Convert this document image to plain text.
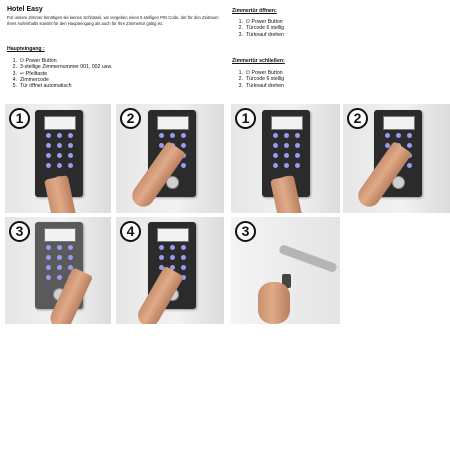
Hotel Easy
Für unsere Zimmer benötigen sie keinen Schlüssel, wir vergeben einen 6 stelligen PIN Code, der für den Zeitraum Ihres Aufenthalts sowohl für den Haupteingang als auch für Ihre Zimmertür gültig ist.
Haupteingang :
1. ⏻ Power Button
2. 3-stellige Zimmernummer 001, 002 usw.
3. ↵ Pfeiltaste
4. Zimmercode
5. Tür öffnet automatisch
Zimmertür öffnen:
1. ⏻ Power Button
2. Türcode 6 stellig
3. Türknauf drehen
Zimmertür schließen:
1. ⏻ Power Button
2. Türcode 6 stellig
3. Türknauf drehen
1	2
3	4
1	2
3
